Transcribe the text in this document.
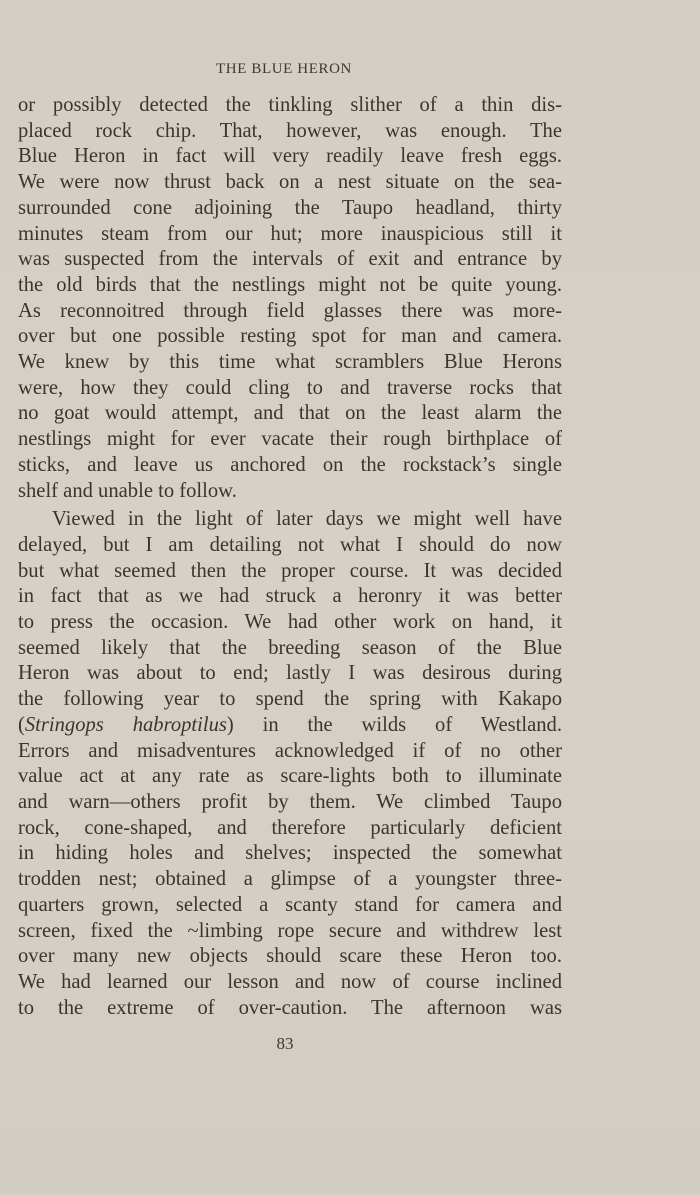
THE BLUE HERON
or possibly detected the tinkling slither of a thin dis-
placed rock chip. That, however, was enough. The
Blue Heron in fact will very readily leave fresh eggs.
We were now thrust back on a nest situate on the sea-
surrounded cone adjoining the Taupo headland, thirty
minutes steam from our hut; more inauspicious still it
was suspected from the intervals of exit and entrance by
the old birds that the nestlings might not be quite young.
As reconnoitred through field glasses there was more-
over but one possible resting spot for man and camera.
We knew by this time what scramblers Blue Herons
were, how they could cling to and traverse rocks that
no goat would attempt, and that on the least alarm the
nestlings might for ever vacate their rough birthplace of
sticks, and leave us anchored on the rockstack’s single
shelf and unable to follow.
Viewed in the light of later days we might well have
delayed, but I am detailing not what I should do now
but what seemed then the proper course. It was decided
in fact that as we had struck a heronry it was better
to press the occasion. We had other work on hand, it
seemed likely that the breeding season of the Blue
Heron was about to end; lastly I was desirous during
the following year to spend the spring with Kakapo
(Stringops habroptilus) in the wilds of Westland.
Errors and misadventures acknowledged if of no other
value act at any rate as scare-lights both to illuminate
and warn—others profit by them. We climbed Taupo
rock, cone-shaped, and therefore particularly deficient
in hiding holes and shelves; inspected the somewhat
trodden nest; obtained a glimpse of a youngster three-
quarters grown, selected a scanty stand for camera and
screen, fixed the ~limbing rope secure and withdrew lest
over many new objects should scare these Heron too.
We had learned our lesson and now of course inclined
to the extreme of over-caution. The afternoon was
83
